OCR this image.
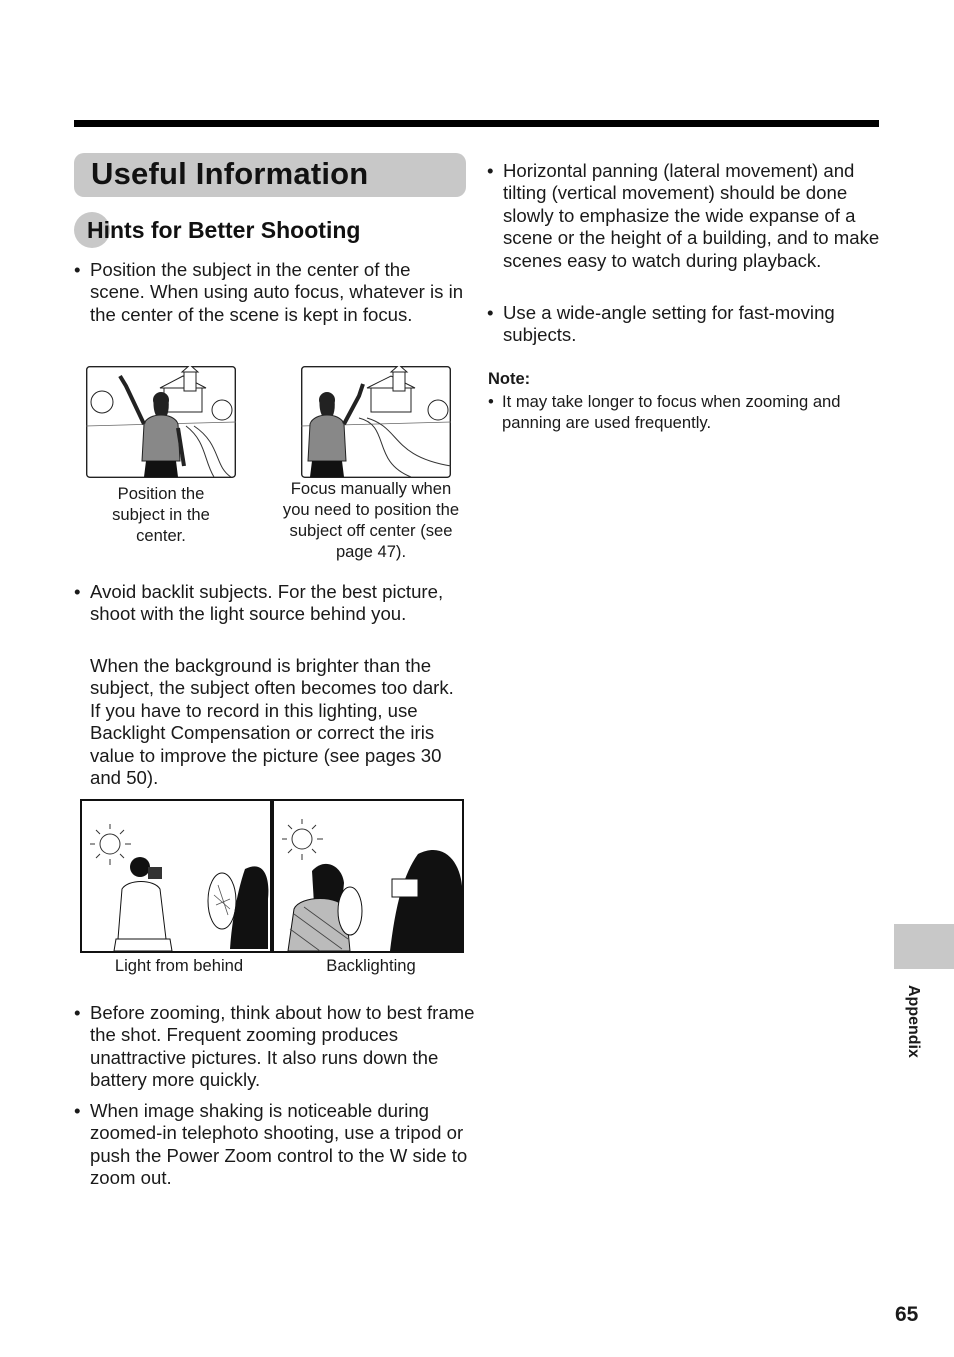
Useful Information
Hints for Better Shooting
• Position the subject in the center of the scene. When using auto focus, whatever is in the center of the scene is kept in focus.
Position the subject in the center.
Focus manually when you need to position the subject off center (see page 47).
• Avoid backlit subjects. For the best picture, shoot with the light source behind you.
When the background is brighter than the subject, the subject often becomes too dark. If you have to record in this lighting, use Backlight Compensation or correct the iris value to improve the picture (see pages 30 and 50).
Light from behind	Backlighting
• Before zooming, think about how to best frame the shot. Frequent zooming produces unattractive pictures. It also runs down the battery more quickly.
• When image shaking is noticeable during zoomed-in telephoto shooting, use a tripod or push the Power Zoom control to the W side to zoom out.
• Horizontal panning (lateral movement) and tilting (vertical movement) should be done slowly to emphasize the wide expanse of a scene or the height of a building, and to make scenes easy to watch during playback.
• Use a wide-angle setting for fast-moving subjects.
Note:
• It may take longer to focus when zooming and panning are used frequently.
Appendix
65
